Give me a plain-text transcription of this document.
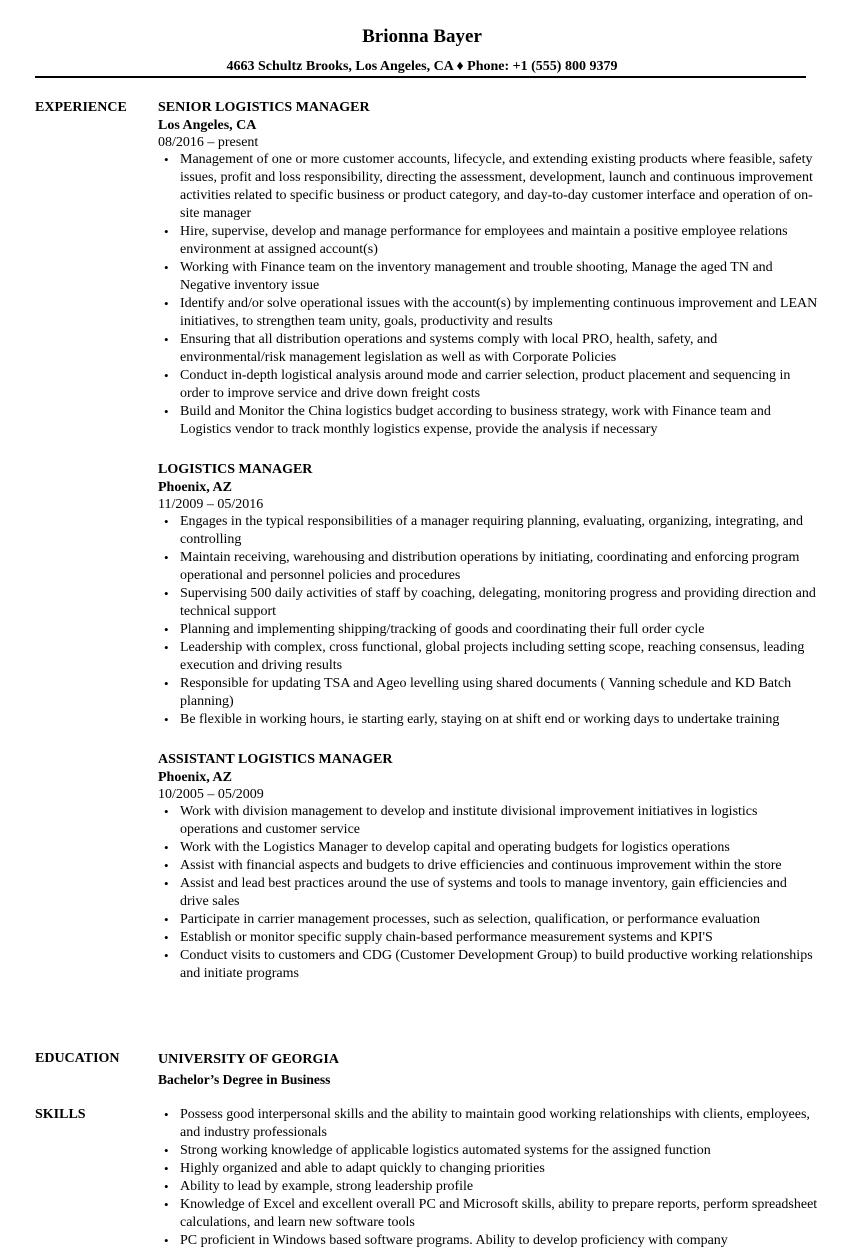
Brionna Bayer
4663 Schultz Brooks, Los Angeles, CA ♦ Phone: +1 (555) 800 9379
EXPERIENCE SENIOR LOGISTICS MANAGER
Los Angeles, CA
08/2016 – present
• Management of one or more customer accounts, lifecycle, and extending existing products where feasible, safety issues, profit and loss responsibility, directing the assessment, development, launch and continuous improvement activities related to specific business or product category, and day-to-day customer interface and operation of on-site manager
• Hire, supervise, develop and manage performance for employees and maintain a positive employee relations environment at assigned account(s)
• Working with Finance team on the inventory management and trouble shooting, Manage the aged TN and Negative inventory issue
• Identify and/or solve operational issues with the account(s) by implementing continuous improvement and LEAN initiatives, to strengthen team unity, goals, productivity and results
• Ensuring that all distribution operations and systems comply with local PRO, health, safety, and environmental/risk management legislation as well as with Corporate Policies
• Conduct in-depth logistical analysis around mode and carrier selection, product placement and sequencing in order to improve service and drive down freight costs
• Build and Monitor the China logistics budget according to business strategy, work with Finance team and Logistics vendor to track monthly logistics expense, provide the analysis if necessary
LOGISTICS MANAGER
Phoenix, AZ
11/2009 – 05/2016
• Engages in the typical responsibilities of a manager requiring planning, evaluating, organizing, integrating, and controlling
• Maintain receiving, warehousing and distribution operations by initiating, coordinating and enforcing program operational and personnel policies and procedures
• Supervising 500 daily activities of staff by coaching, delegating, monitoring progress and providing direction and technical support
• Planning and implementing shipping/tracking of goods and coordinating their full order cycle
• Leadership with complex, cross functional, global projects including setting scope, reaching consensus, leading execution and driving results
• Responsible for updating TSA and Ageo levelling using shared documents ( Vanning schedule and KD Batch planning)
• Be flexible in working hours, ie starting early, staying on at shift end or working days to undertake training
ASSISTANT LOGISTICS MANAGER
Phoenix, AZ
10/2005 – 05/2009
• Work with division management to develop and institute divisional improvement initiatives in logistics operations and customer service
• Work with the Logistics Manager to develop capital and operating budgets for logistics operations
• Assist with financial aspects and budgets to drive efficiencies and continuous improvement within the store
• Assist and lead best practices around the use of systems and tools to manage inventory, gain efficiencies and drive sales
• Participate in carrier management processes, such as selection, qualification, or performance evaluation
• Establish or monitor specific supply chain-based performance measurement systems and KPI'S
• Conduct visits to customers and CDG (Customer Development Group) to build productive working relationships and initiate programs
EDUCATION	UNIVERSITY OF GEORGIA
Bachelor’s Degree in Business
SKILLS	• Possess good interpersonal skills and the ability to maintain good working relationships with clients, employees, and industry professionals
• Strong working knowledge of applicable logistics automated systems for the assigned function
• Highly organized and able to adapt quickly to changing priorities
• Ability to lead by example, strong leadership profile
• Knowledge of Excel and excellent overall PC and Microsoft skills, ability to prepare reports, perform spreadsheet calculations, and learn new software tools
• PC proficient in Windows based software programs. Ability to develop proficiency with company
